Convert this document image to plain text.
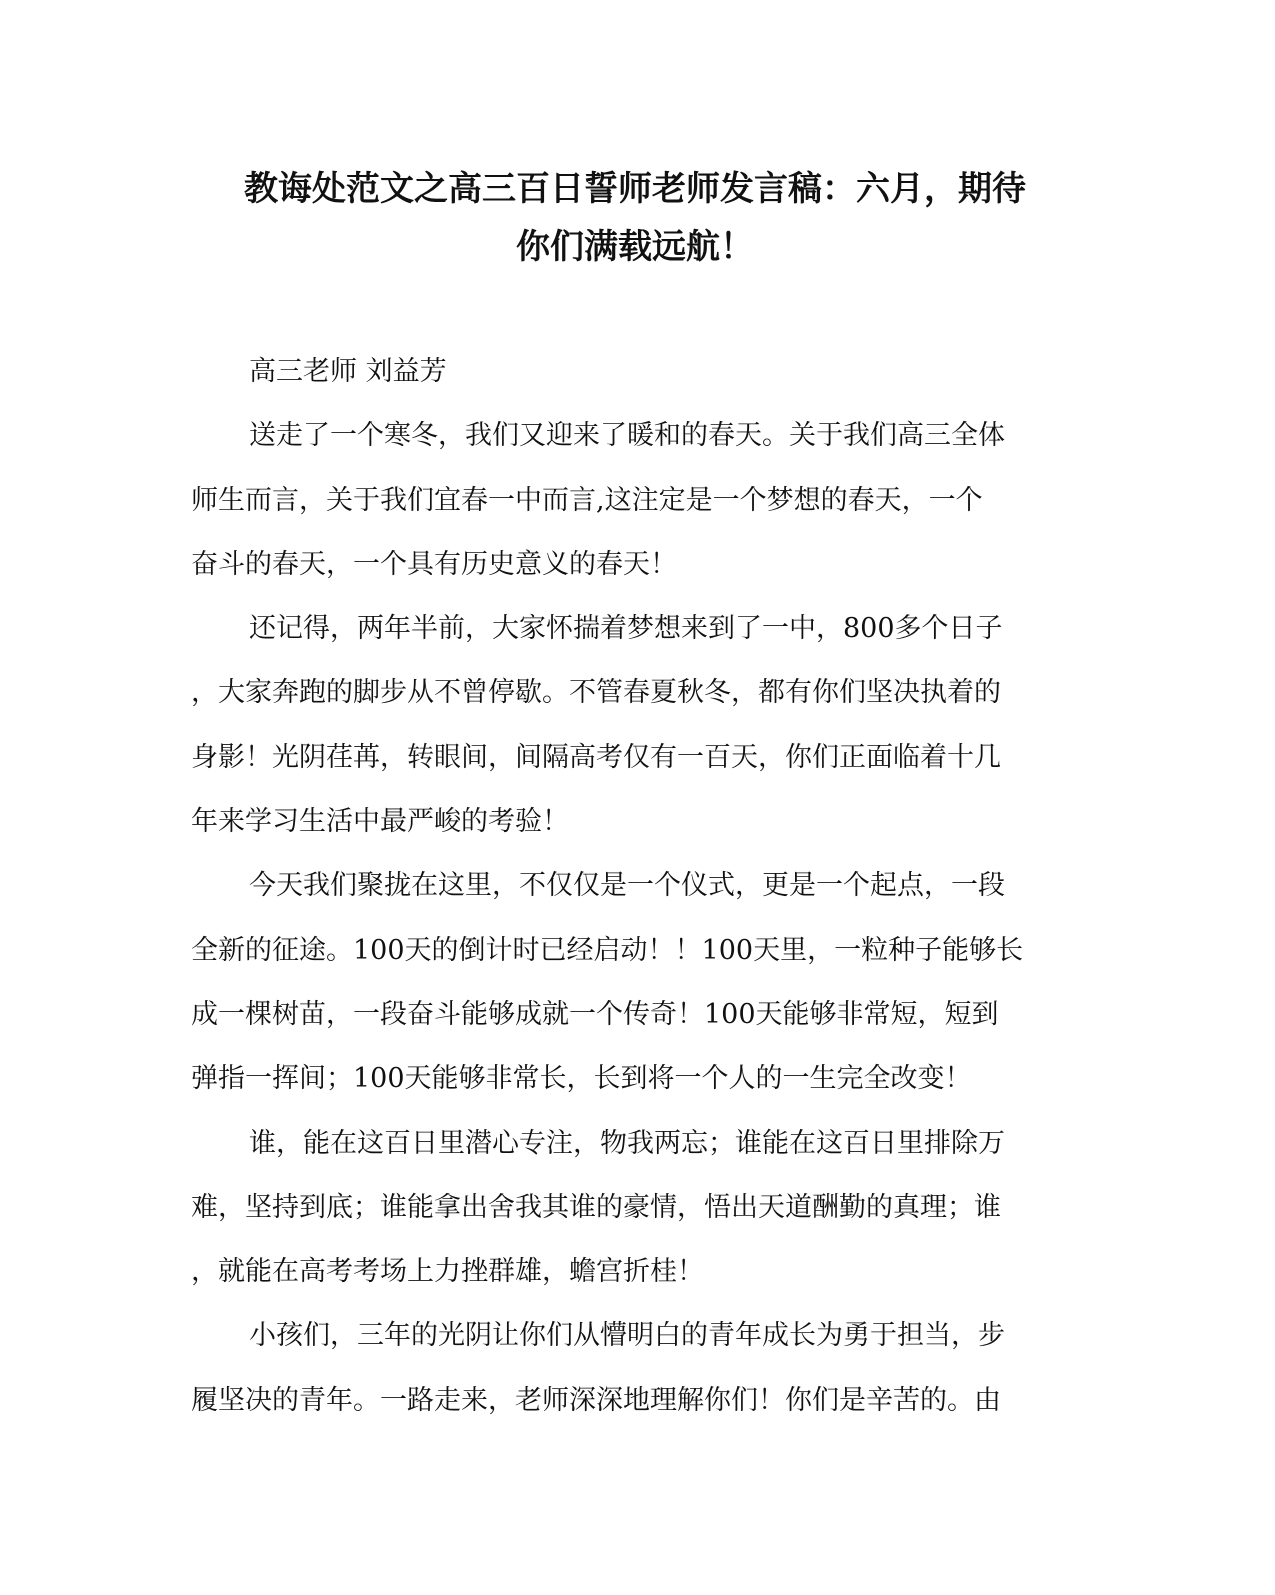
教诲处范文之高三百日誓师老师发言稿：六月，期待
你们满载远航！
高三老师 刘益芳
送走了一个寒冬，我们又迎来了暖和的春天。关于我们高三全体
师生而言，关于我们宜春一中而言,这注定是一个梦想的春天，一个
奋斗的春天，一个具有历史意义的春天！
还记得，两年半前，大家怀揣着梦想来到了一中，800多个日子
，大家奔跑的脚步从不曾停歇。不管春夏秋冬，都有你们坚决执着的
身影！光阴荏苒，转眼间，间隔高考仅有一百天，你们正面临着十几
年来学习生活中最严峻的考验！
今天我们聚拢在这里，不仅仅是一个仪式，更是一个起点，一段
全新的征途。100天的倒计时已经启动！！100天里，一粒种子能够长
成一棵树苗，一段奋斗能够成就一个传奇！100天能够非常短，短到
弹指一挥间；100天能够非常长，长到将一个人的一生完全改变！
谁，能在这百日里潜心专注，物我两忘；谁能在这百日里排除万
难，坚持到底；谁能拿出舍我其谁的豪情，悟出天道酬勤的真理；谁
，就能在高考考场上力挫群雄，蟾宫折桂！
小孩们，三年的光阴让你们从懵明白的青年成长为勇于担当，步
履坚决的青年。一路走来，老师深深地理解你们！你们是辛苦的。由
